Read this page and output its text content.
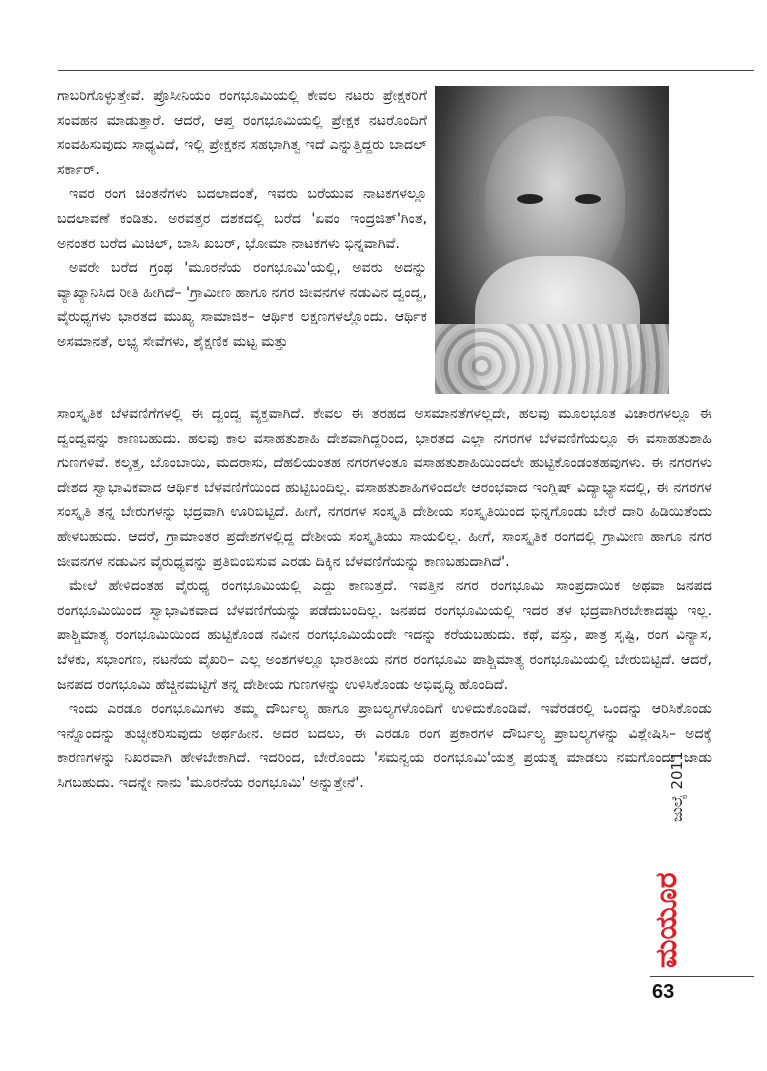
ಗಾಬರಿಗೊಳ್ಳುತ್ತೇವೆ. ಪ್ರೊಸೀನಿಯಂ ರಂಗಭೂಮಿಯಲ್ಲಿ ಕೇವಲ ನಟರು ಪ್ರೇಕ್ಷಕರಿಗೆ ಸಂವಹನ ಮಾಡುತ್ತಾರೆ. ಆದರೆ, ಆಪ್ತ ರಂಗಭೂಮಿಯಲ್ಲಿ ಪ್ರೇಕ್ಷಕ ನಟರೊಂದಿಗೆ ಸಂವಹಿಸುವುದು ಸಾಧ್ಯವಿದೆ, ಇಲ್ಲಿ ಪ್ರೇಕ್ಷಕನ ಸಹಭಾಗಿತ್ವ ಇದೆ ಎನ್ನುತ್ತಿದ್ದರು ಬಾದಲ್ ಸರ್ಕಾರ್.

ಇವರ ರಂಗ ಚಿಂತನೆಗಳು ಬದಲಾದಂತೆ, ಇವರು ಬರೆಯುವ ನಾಟಕಗಳಲ್ಲೂ ಬದಲಾವಣೆ ಕಂಡಿತು. ಅರವತ್ತರ ದಶಕದಲ್ಲಿ ಬರೆದ 'ಏವಂ ಇಂದ್ರಜಿತ್'ಗಿಂತ, ಅನಂತರ ಬರೆದ ಮಿಚಿಲ್, ಬಾಸಿ ಖಬರ್, ಭೋಮಾ ನಾಟಕಗಳು ಭಿನ್ನವಾಗಿವೆ.

ಅವರೇ ಬರೆದ ಗ್ರಂಥ 'ಮೂರನೆಯ ರಂಗಭೂಮಿ'ಯಲ್ಲಿ, ಅವರು ಅದನ್ನು ವ್ಯಾಖ್ಯಾನಿಸಿದ ರೀತಿ ಹೀಗಿದೆ– 'ಗ್ರಾಮೀಣ ಹಾಗೂ ನಗರ ಜೀವನಗಳ ನಡುವಿನ ದ್ವಂದ್ವ, ವೈರುಧ್ಯಗಳು ಭಾರತದ ಮುಖ್ಯ ಸಾಮಾಜಿಕ– ಆರ್ಥಿಕ ಲಕ್ಷಣಗಳಲ್ಲೊಂದು. ಆರ್ಥಿಕ ಅಸಮಾನತೆ, ಲಭ್ಯ ಸೇವೆಗಳು, ಶೈಕ್ಷಣಿಕ ಮಟ್ಟ ಮತ್ತು

ಸಾಂಸ್ಕೃತಿಕ ಬೆಳವಣಿಗೆಗಳಲ್ಲಿ ಈ ದ್ವಂದ್ವ ವ್ಯಕ್ತವಾಗಿದೆ. ಕೇವಲ ಈ ತರಹದ ಅಸಮಾನತೆಗಳಲ್ಲದೇ, ಹಲವು ಮೂಲಭೂತ ವಿಚಾರಗಳಲ್ಲೂ ಈ ದ್ವಂದ್ವವನ್ನು ಕಾಣಬಹುದು. ಹಲವು ಕಾಲ ವಸಾಹತುಶಾಹಿ ದೇಶವಾಗಿದ್ದರಿಂದ, ಭಾರತದ ಎಲ್ಲಾ ನಗರಗಳ ಬೆಳವಣಿಗೆಯಲ್ಲೂ ಈ ವಸಾಹತುಶಾಹಿ ಗುಣಗಳಿವೆ. ಕಲ್ಕತ್ತ, ಬೊಂಬಾಯಿ, ಮದರಾಸು, ದೆಹಲಿಯಂತಹ ನಗರಗಳಂತೂ ವಸಾಹತುಶಾಹಿಯಿಂದಲೇ ಹುಟ್ಟಿಕೊಂಡಂತಹವುಗಳು. ಈ ನಗರಗಳು ದೇಶದ ಸ್ವಾಭಾವಿಕವಾದ ಆರ್ಥಿಕ ಬೆಳವಣಿಗೆಯಿಂದ ಹುಟ್ಟಿಬಂದಿಲ್ಲ. ವಸಾಹತುಶಾಹಿಗಳಿಂದಲೇ ಆರಂಭವಾದ ಇಂಗ್ಲಿಷ್ ವಿದ್ಯಾಭ್ಯಾಸದಲ್ಲಿ, ಈ ನಗರಗಳ ಸಂಸ್ಕೃತಿ ತನ್ನ ಬೇರುಗಳನ್ನು ಭದ್ರವಾಗಿ ಊರಿಬಿಟ್ಟಿದೆ. ಹೀಗೆ, ನಗರಗಳ ಸಂಸ್ಕೃತಿ ದೇಶೀಯ ಸಂಸ್ಕೃತಿಯಿಂದ ಭಿನ್ನಗೊಂಡು ಬೇರೆ ದಾರಿ ಹಿಡಿಯಿತೆಂದು ಹೇಳಬಹುದು. ಆದರೆ, ಗ್ರಾಮಾಂತರ ಪ್ರದೇಶಗಳಲ್ಲಿದ್ದ ದೇಶೀಯ ಸಂಸ್ಕೃತಿಯು ಸಾಯಲಿಲ್ಲ. ಹೀಗೆ, ಸಾಂಸ್ಕೃತಿಕ ರಂಗದಲ್ಲಿ ಗ್ರಾಮೀಣ ಹಾಗೂ ನಗರ ಜೀವನಗಳ ನಡುವಿನ ವೈರುಧ್ಯವನ್ನು ಪ್ರತಿಬಿಂಬಿಸುವ ಎರಡು ದಿಕ್ಕಿನ ಬೆಳವಣಿಗೆಯನ್ನು ಕಾಣಬಹುದಾಗಿದೆ'.

ಮೇಲೆ ಹೇಳಿದಂತಹ ವೈರುಧ್ಯ ರಂಗಭೂಮಿಯಲ್ಲಿ ಎದ್ದು ಕಾಣುತ್ತದೆ. ಇವತ್ತಿನ ನಗರ ರಂಗಭೂಮಿ ಸಾಂಪ್ರದಾಯಿಕ ಅಥವಾ ಜನಪದ ರಂಗಭೂಮಿಯಿಂದ ಸ್ವಾಭಾವಿಕವಾದ ಬೆಳವಣಿಗೆಯನ್ನು ಪಡೆದುಬಂದಿಲ್ಲ. ಜನಪದ ರಂಗಭೂಮಿಯಲ್ಲಿ ಇದರ ತಳ ಭದ್ರವಾಗಿರಬೇಕಾದಷ್ಟು ಇಲ್ಲ. ಪಾಶ್ಚಿಮಾತ್ಯ ರಂಗಭೂಮಿಯಿಂದ ಹುಟ್ಟಿಕೊಂಡ ನವೀನ ರಂಗಭೂಮಿಯೆಂದೇ ಇದನ್ನು ಕರೆಯಬಹುದು. ಕಥೆ, ವಸ್ತು, ಪಾತ್ರ ಸೃಷ್ಟಿ, ರಂಗ ವಿನ್ಯಾಸ, ಬೆಳಕು, ಸಭಾಂಗಣ, ನಟನೆಯ ವೈಖರಿ– ಎಲ್ಲ ಅಂಶಗಳಲ್ಲೂ ಭಾರತೀಯ ನಗರ ರಂಗಭೂಮಿ ಪಾಶ್ಚಿಮಾತ್ಯ ರಂಗಭೂಮಿಯಲ್ಲಿ ಬೇರುಬಿಟ್ಟಿದೆ. ಆದರೆ, ಜನಪದ ರಂಗಭೂಮಿ ಹೆಚ್ಚಿನಮಟ್ಟಿಗೆ ತನ್ನ ದೇಶೀಯ ಗುಣಗಳನ್ನು ಉಳಿಸಿಕೊಂಡು ಅಭಿವೃದ್ಧಿ ಹೊಂದಿದೆ.

ಇಂದು ಎರಡೂ ರಂಗಭೂಮಿಗಳು ತಮ್ಮ ದೌರ್ಬಲ್ಯ ಹಾಗೂ ಪ್ರಾಬಲ್ಯಗಳೊಂದಿಗೆ ಉಳಿದುಕೊಂಡಿವೆ. ಇವೆರಡರಲ್ಲಿ ಒಂದನ್ನು ಆರಿಸಿಕೊಂಡು ಇನ್ನೊಂದನ್ನು ತುಚ್ಛೀಕರಿಸುವುದು ಅರ್ಥಹೀನ. ಅದರ ಬದಲು, ಈ ಎರಡೂ ರಂಗ ಪ್ರಕಾರಗಳ ದೌರ್ಬಲ್ಯ ಪ್ರಾಬಲ್ಯಗಳನ್ನು ವಿಶ್ಲೇಷಿಸಿ– ಅದಕ್ಕೆ ಕಾರಣಗಳನ್ನು ನಿಖರವಾಗಿ ಹೇಳಬೇಕಾಗಿದೆ. ಇದರಿಂದ, ಬೇರೊಂದು 'ಸಮನ್ವಯ ರಂಗಭೂಮಿ'ಯತ್ತ ಪ್ರಯತ್ನ ಮಾಡಲು ನಮಗೊಂದು ಜಾಡು ಸಿಗಬಹುದು. ಇದನ್ನೇ ನಾನು 'ಮೂರನೆಯ ರಂಗಭೂಮಿ' ಅನ್ನುತ್ತೇನೆ'.	ಜುಲೈ 2011
ಮಯೂರ
63
